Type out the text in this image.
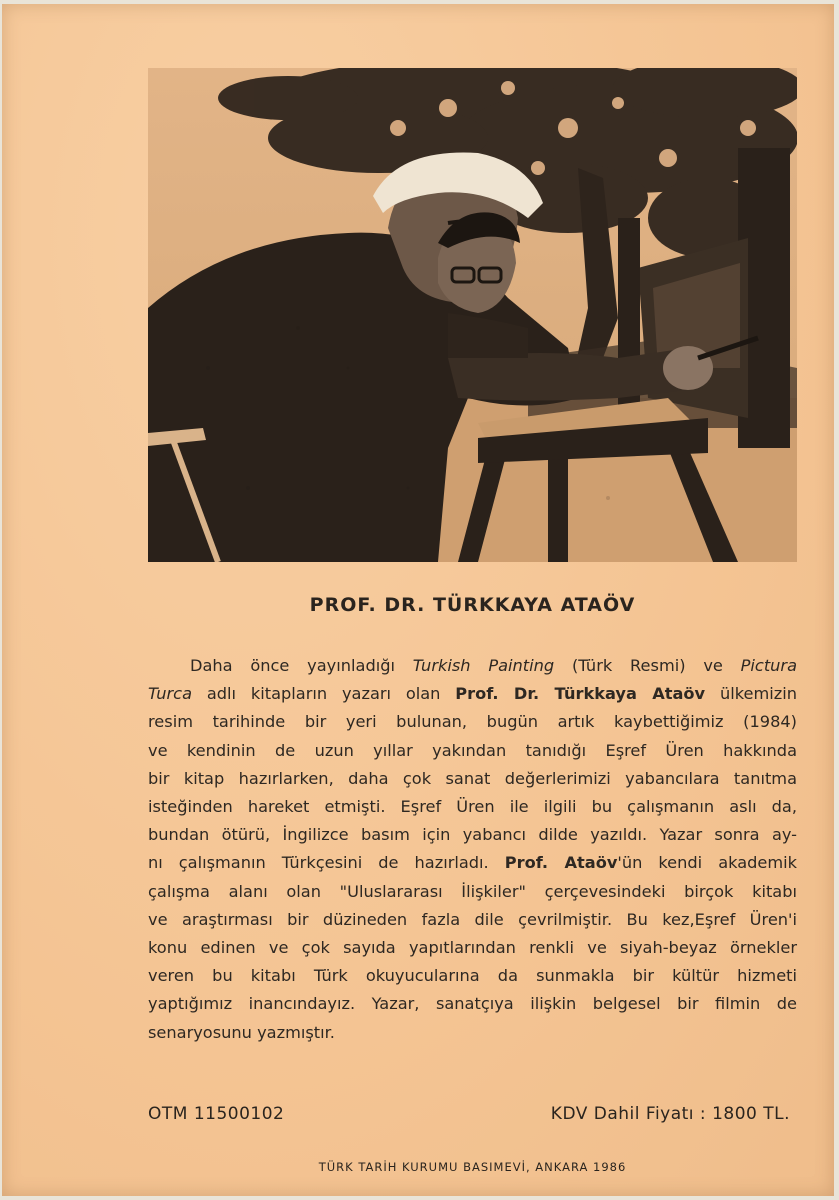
PROF. DR. TÜRKKAYA ATAÖV
Daha önce yayınladığı Turkish Painting (Türk Resmi) ve Pictura
Turca adlı kitapların yazarı olan Prof. Dr. Türkkaya Ataöv ülkemizin
resim tarihinde bir yeri bulunan, bugün artık kaybettiğimiz (1984)
ve kendinin de uzun yıllar yakından tanıdığı Eşref Üren hakkında
bir kitap hazırlarken, daha çok sanat değerlerimizi yabancılara tanıtma
isteğinden hareket etmişti. Eşref Üren ile ilgili bu çalışmanın aslı da,
bundan ötürü, İngilizce basım için yabancı dilde yazıldı. Yazar sonra ay-
nı çalışmanın Türkçesini de hazırladı. Prof. Ataöv'ün kendi akademik
çalışma alanı olan "Uluslararası İlişkiler" çerçevesindeki birçok kitabı
ve araştırması bir düzineden fazla dile çevrilmiştir. Bu kez,Eşref Üren'i
konu edinen ve çok sayıda yapıtlarından renkli ve siyah-beyaz örnekler
veren bu kitabı Türk okuyucularına da sunmakla bir kültür hizmeti
yaptığımız inancındayız. Yazar, sanatçıya ilişkin belgesel bir filmin de
senaryosunu yazmıştır.
OTM 11500102	KDV Dahil Fiyatı : 1800 TL.
TÜRK TARİH KURUMU BASIMEVİ, ANKARA 1986
